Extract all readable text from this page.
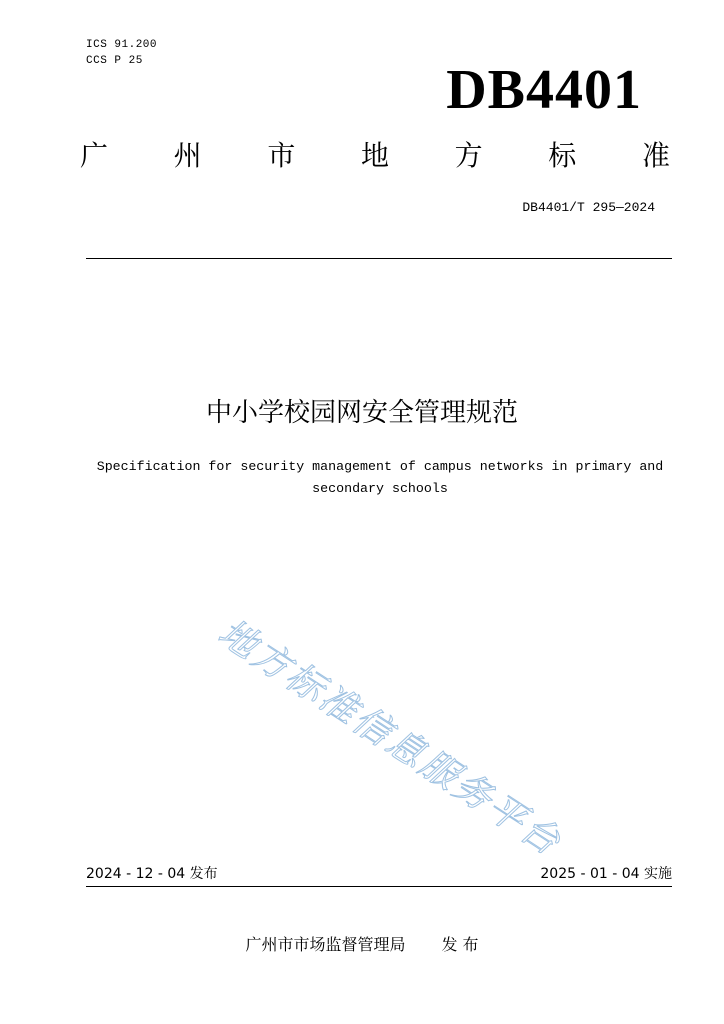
ICS 91.200
CCS P 25	DB4401
广 州 市 地 方 标 准
DB4401/T 295—2024
中小学校园网安全管理规范
Specification for security management of campus networks in primary and secondary schools
地方标准信息服务平台
2024 - 12 - 04 发布	2025 - 01 - 04 实施
广州市市场监督管理局 发 布
